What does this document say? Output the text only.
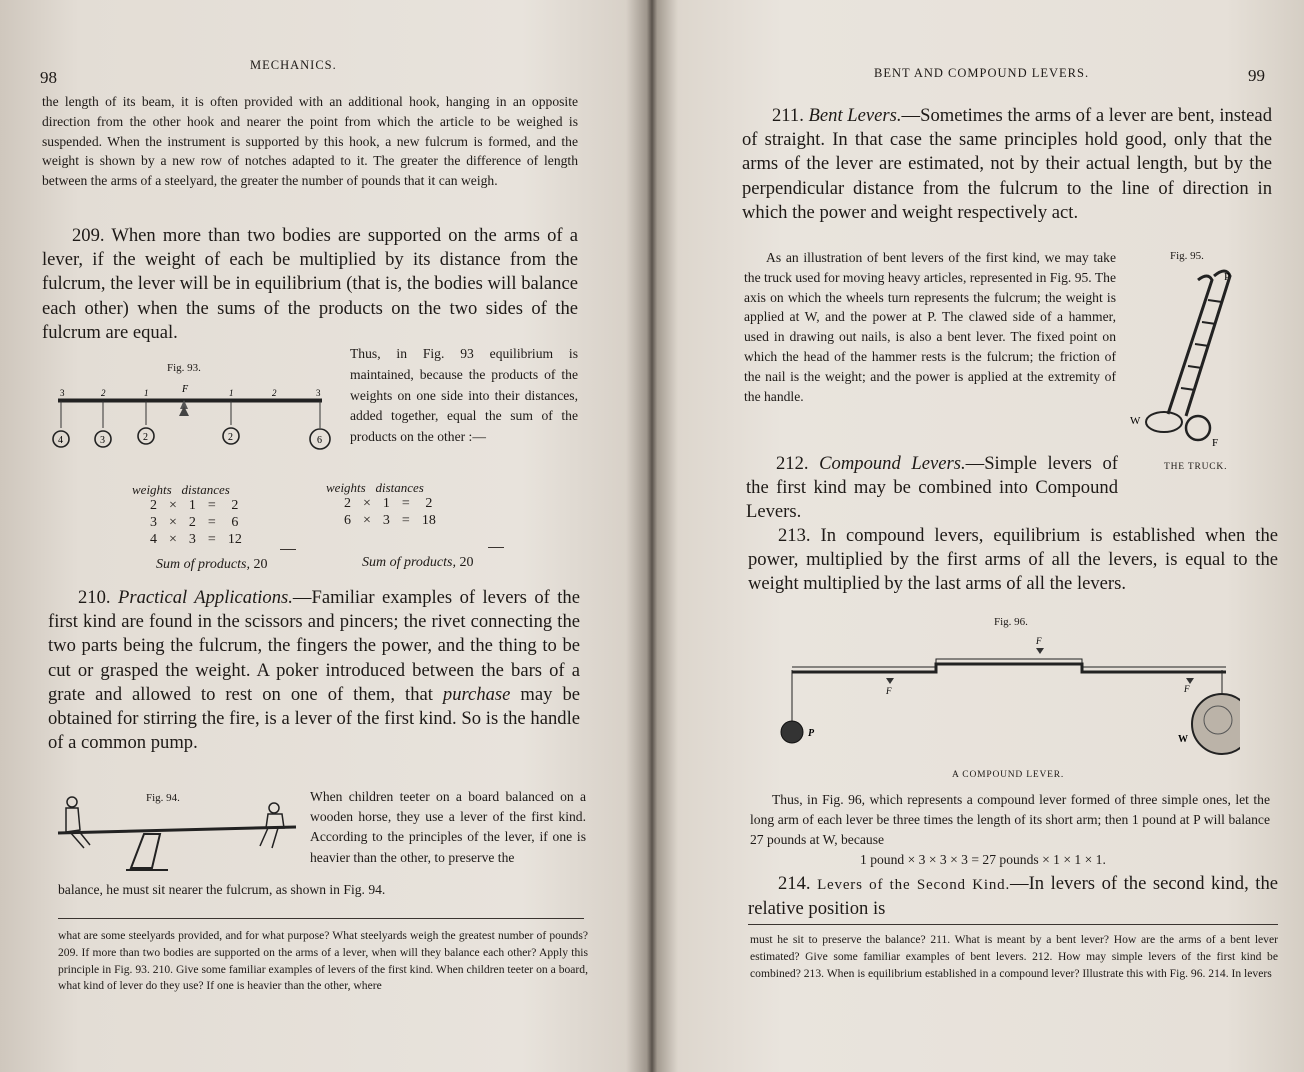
98
MECHANICS.
the length of its beam, it is often provided with an additional hook, hanging in an opposite direction from the other hook and nearer the point from which the article to be weighed is suspended. When the instrument is supported by this hook, a new fulcrum is formed, and the weight is shown by a new row of notches adapted to it. The greater the difference of length between the arms of a steelyard, the greater the number of pounds that it can weigh.
209. When more than two bodies are supported on the arms of a lever, if the weight of each be multiplied by its distance from the fulcrum, the lever will be in equilibrium (that is, the bodies will balance each other) when the sums of the products on the two sides of the fulcrum are equal.
Fig. 93.
F
3	2	1	1	2	3
4	3	2	2	6
Thus, in Fig. 93 equilibrium is maintained, because the products of the weights on one side into their distances, added together, equal the sum of the products on the other :—
weights distances
2	×	1	=	2
3	×	2	=	6
4	×	3	=	12
Sum of products, 20
weights distances
2	×	1	=	2
6	×	3	=	18
Sum of products, 20
210. Practical Applications.—Familiar examples of levers of the first kind are found in the scissors and pincers; the rivet connecting the two parts being the fulcrum, the fingers the power, and the thing to be cut or grasped the weight. A poker introduced between the bars of a grate and allowed to rest on one of them, that purchase may be obtained for stirring the fire, is a lever of the first kind. So is the handle of a common pump.
Fig. 94.	When children teeter on a board balanced on a wooden horse, they use a lever of the first kind. According to the principles of the lever, if one is heavier than the other, to preserve the
balance, he must sit nearer the fulcrum, as shown in Fig. 94.
what are some steelyards provided, and for what purpose? What steelyards weigh the greatest number of pounds? 209. If more than two bodies are supported on the arms of a lever, when will they balance each other? Apply this principle in Fig. 93. 210. Give some familiar examples of levers of the first kind. When children teeter on a board, what kind of lever do they use? If one is heavier than the other, where
BENT AND COMPOUND LEVERS.	99
211. Bent Levers.—Sometimes the arms of a lever are bent, instead of straight. In that case the same principles hold good, only that the arms of the lever are estimated, not by their actual length, but by the perpendicular distance from the fulcrum to the line of direction in which the power and weight respectively act.
As an illustration of bent levers of the first kind, we may take the truck used for moving heavy articles, represented in Fig. 95. The axis on which the wheels turn represents the fulcrum; the weight is applied at W, and the power at P. The clawed side of a hammer, used in drawing out nails, is also a bent lever. The fixed point on which the head of the hammer rests is the fulcrum; the friction of the nail is the weight; and the power is applied at the extremity of the handle.
Fig. 95.
P
W
F
THE TRUCK.
212. Compound Levers.—Simple levers of the first kind may be combined into Compound Levers.
213. In compound levers, equilibrium is established when the power, multiplied by the first arms of all the levers, is equal to the weight multiplied by the last arms of all the levers.
Fig. 96.
F
F	F
P
W
A COMPOUND LEVER.
Thus, in Fig. 96, which represents a compound lever formed of three simple ones, let the long arm of each lever be three times the length of its short arm; then 1 pound at P will balance 27 pounds at W, because
1 pound × 3 × 3 × 3 = 27 pounds × 1 × 1 × 1.
214. Levers of the Second Kind.—In levers of the second kind, the relative position is
must he sit to preserve the balance? 211. What is meant by a bent lever? How are the arms of a bent lever estimated? Give some familiar examples of bent levers. 212. How may simple levers of the first kind be combined? 213. When is equilibrium established in a compound lever? Illustrate this with Fig. 96. 214. In levers
